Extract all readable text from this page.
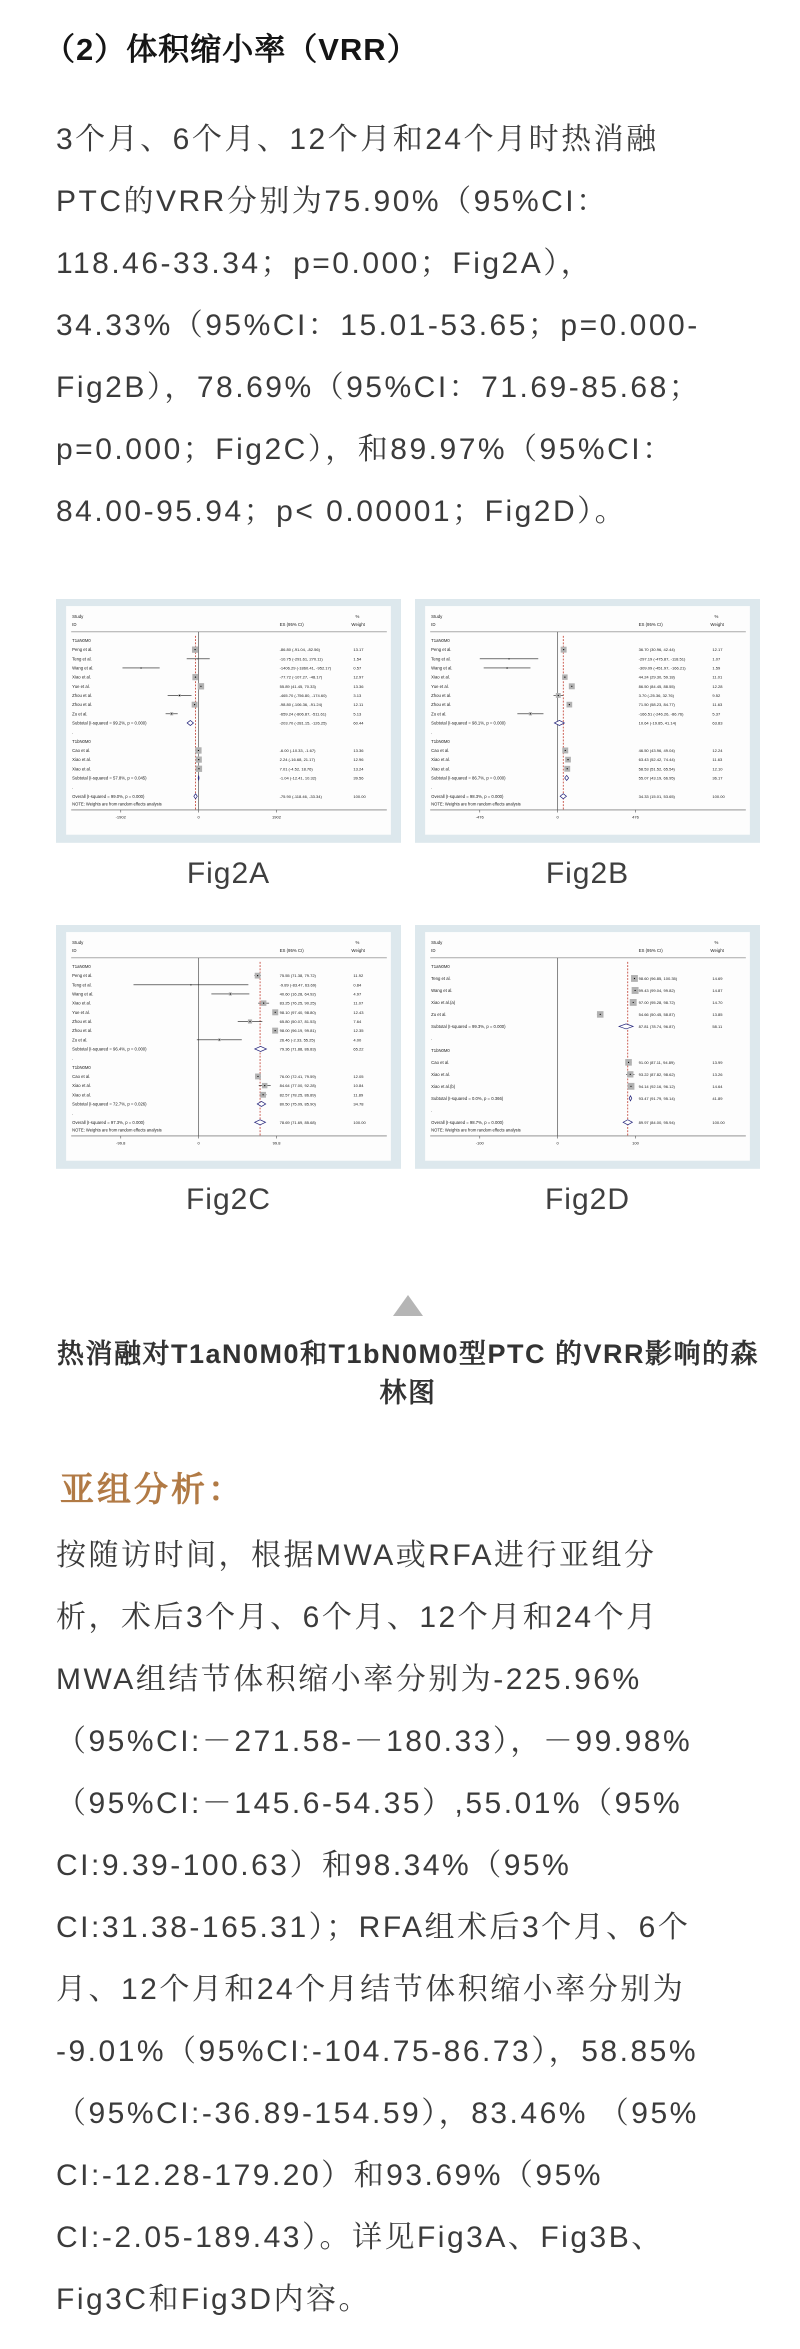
（2）体积缩小率（VRR）
3个月、6个月、12个月和24个月时热消融
PTC的VRR分别为75.90%（95%CI：
118.46-33.34；p=0.000；Fig2A），
34.33%（95%CI：15.01-53.65；p=0.000-
Fig2B），78.69%（95%CI：71.69-85.68；
p=0.000；Fig2C），和89.97%（95%CI：
84.00-95.94；p< 0.00001；Fig2D）。
Study
ID	ES (95% CI)
%
Weight
T1aN0M0
Peng et al.	-86.80 (-91.04, -82.56)	13.17
Teng et al.	-10.75 (-291.61, 270.11)	1.54
Wang et al.	-1406.29 (-1860.41, -952.17)	0.57
Xiao et al.	-77.72 (-107.27, -48.17)	12.97
Yue et al.	55.89 (41.45, 70.33)	13.36
Zhou et al.	-465.70 (-756.80, -174.60)	3.13
Zhou et al.	-98.80 (-106.36, -91.24)	12.11
Zu et al.	-659.24 (-806.87, -511.61)	5.13
Subtotal (I-squared = 99.2%, p = 0.000)	-203.70 (-281.15, -126.25)	60.44
.
T1bN0M0
Cao et al.	-6.00 (-10.33, -1.67)	13.36
Xiao et al.	2.24 (-16.68, 21.17)	12.96
Xiao et al.	7.01 (-4.52, 18.76)	13.24
Subtotal (I-squared = 57.8%, p = 0.045)	-1.04 (-12.41, 10.32)	39.56
.
Overall (I-squared = 99.0%, p = 0.000)	-75.90 (-118.46, -33.34)	100.00
NOTE: Weights are from random effects analysis
-1902	0	1902
Fig2A
Study
ID	ES (95% CI)
%
Weight
T1aN0M0
Peng et al.	36.70 (30.96, 42.44)	12.17
Teng et al.	-297.19 (-475.87, -118.51)	1.07
Wang et al.	-309.09 (-451.97, -166.21)	1.59
Xiao et al.	44.24 (29.30, 59.18)	11.01
Yue et al.	86.50 (84.45, 88.55)	12.28
Zhou et al.	3.70 (-25.36, 32.76)	9.52
Zhou et al.	71.50 (58.23, 84.77)	11.63
Zu et al.	-166.51 (-246.26, -86.76)	5.37
Subtotal (I-squared = 98.1%, p = 0.000)	10.64 (-19.85, 41.14)	63.83
.
T1bN0M0
Cao et al.	46.50 (43.96, 49.04)	12.24
Xiao et al.	63.43 (52.42, 74.44)	11.63
Xiao et al.	58.53 (51.52, 65.54)	12.10
Subtotal (I-squared = 86.7%, p = 0.000)	55.07 (43.19, 66.95)	36.17
.
Overall (I-squared = 98.3%, p = 0.000)	34.33 (15.01, 53.65)	100.00
NOTE: Weights are from random effects analysis
-476	0	476
Fig2B
Study
ID	ES (95% CI)
%
Weight
T1aN0M0
Peng et al.	75.55 (71.38, 79.72)	11.92
Teng et al.	-9.89 (-83.47, 63.69)	0.84
Wang et al.	40.60 (16.28, 64.92)	4.97
Xiao et al.	83.25 (76.25, 90.25)	11.07
Yue et al.	98.10 (97.40, 98.80)	12.43
Zhou et al.	65.80 (50.07, 81.53)	7.64
Zhou et al.	98.00 (96.19, 99.81)	12.35
Zu et al.	26.46 (-2.33, 55.25)	4.00
Subtotal (I-squared = 96.4%, p = 0.000)	79.36 (71.88, 86.83)	65.22
.
T1bN0M0
Cao et al.	76.00 (72.41, 79.59)	12.05
Xiao et al.	84.64 (77.00, 92.28)	10.84
Xiao et al.	82.57 (78.25, 86.89)	11.89
Subtotal (I-squared = 72.7%, p = 0.026)	80.50 (75.09, 85.90)	34.78
.
Overall (I-squared = 97.3%, p = 0.000)	78.69 (71.69, 85.68)	100.00
NOTE: Weights are from random effects analysis
-99.8	0	99.8
Fig2C
Study
ID	ES (95% CI)
%
Weight
T1aN0M0
Teng et al.	98.60 (96.85, 100.35)	14.69
Wang et al.	99.43 (99.04, 99.82)	14.87
Xiao et al.(a)	97.00 (95.28, 98.72)	14.70
Zu et al.	54.66 (50.45, 58.87)	13.85
Subtotal (I-squared = 99.3%, p = 0.000)	87.81 (78.74, 96.87)	58.11
.
T1bN0M0
Cao et al.	91.00 (87.11, 94.89)	13.99
Xiao et al.	93.22 (87.82, 98.62)	13.26
Xiao et al.(b)	94.14 (92.16, 96.12)	14.64
Subtotal (I-squared = 0.0%, p = 0.366)	93.47 (91.79, 95.14)	41.89
.
Overall (I-squared = 98.7%, p = 0.000)	89.97 (84.00, 95.94)	100.00
NOTE: Weights are from random effects analysis
-100	0	100
Fig2D
热消融对T1aN0M0和T1bN0M0型PTC 的VRR影响的森林图
亚组分析：
按随访时间，根据MWA或RFA进行亚组分
析，术后3个月、6个月、12个月和24个月
MWA组结节体积缩小率分别为-225.96%
（95%CI:－271.58-－180.33），－99.98%
（95%CI:－145.6-54.35）,55.01%（95%
CI:9.39-100.63）和98.34%（95%
CI:31.38-165.31）；RFA组术后3个月、6个
月、12个月和24个月结节体积缩小率分别为
-9.01%（95%CI:-104.75-86.73），58.85%
（95%CI:-36.89-154.59），83.46% （95%
CI:-12.28-179.20）和93.69%（95%
CI:-2.05-189.43）。详见Fig3A、Fig3B、
Fig3C和Fig3D内容。
